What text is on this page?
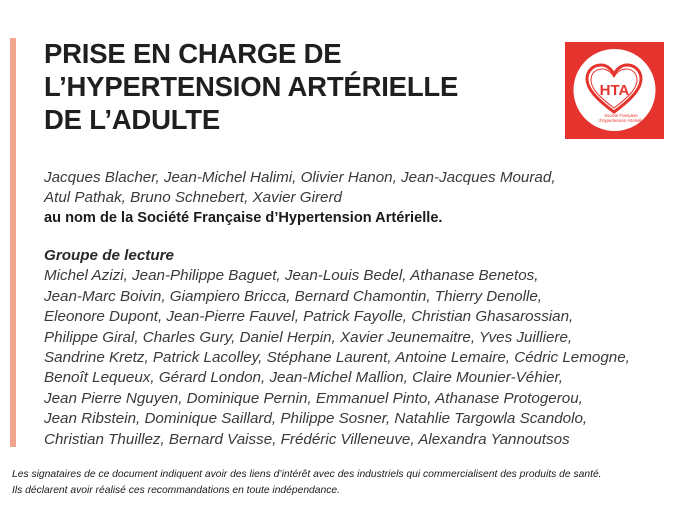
PRISE EN CHARGE DE
L’HYPERTENSION ARTÉRIELLE
DE L’ADULTE
HTA
Société Française
d'Hypertension Artérielle
Jacques Blacher, Jean-Michel Halimi, Olivier Hanon, Jean-Jacques Mourad,
Atul Pathak, Bruno Schnebert, Xavier Girerd
au nom de la Société Française d’Hypertension Artérielle.
Groupe de lecture
Michel Azizi, Jean-Philippe Baguet, Jean-Louis Bedel, Athanase Benetos,
Jean-Marc Boivin, Giampiero Bricca, Bernard Chamontin, Thierry Denolle,
Eleonore Dupont, Jean-Pierre Fauvel, Patrick Fayolle, Christian Ghasarossian,
Philippe Giral, Charles Gury, Daniel Herpin, Xavier Jeunemaitre, Yves Juilliere,
Sandrine Kretz, Patrick Lacolley, Stéphane Laurent, Antoine Lemaire, Cédric Lemogne,
Benoît Lequeux, Gérard London, Jean-Michel Mallion, Claire Mounier-Véhier,
Jean Pierre Nguyen, Dominique Pernin, Emmanuel Pinto, Athanase Protogerou,
Jean Ribstein, Dominique Saillard, Philippe Sosner, Natahlie Targowla Scandolo,
Christian Thuillez, Bernard Vaisse, Frédéric Villeneuve, Alexandra Yannoutsos
Les signataires de ce document indiquent avoir des liens d’intérêt avec des industriels qui commercialisent des produits de santé.
Ils déclarent avoir réalisé ces recommandations en toute indépendance.
